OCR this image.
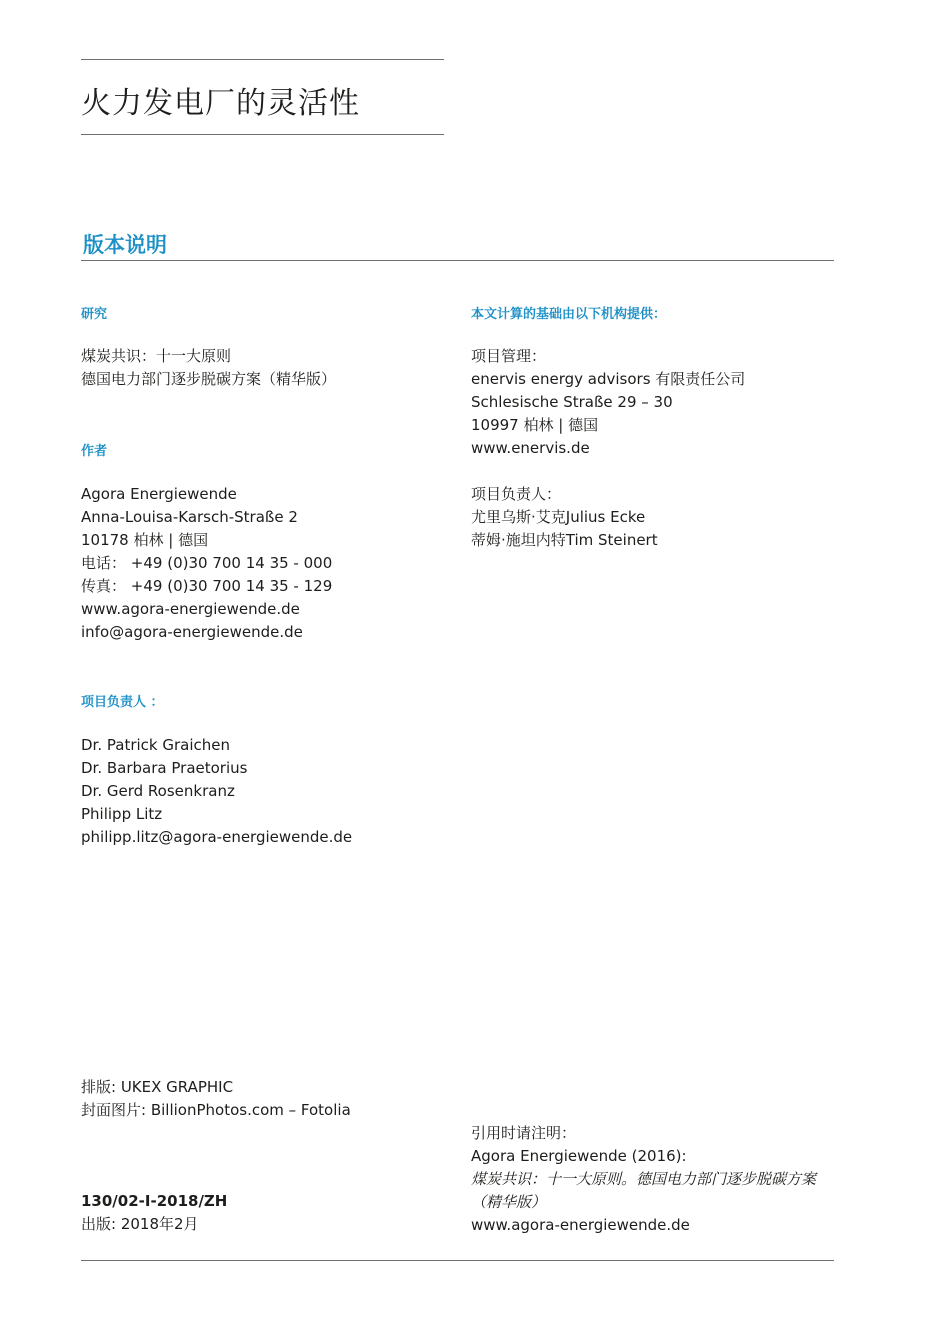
火力发电厂的灵活性
版本说明
研究
煤炭共识：十一大原则
德国电力部门逐步脱碳方案（精华版）
作者
Agora Energiewende
Anna-Louisa-Karsch-Straße 2
10178 柏林 | 德国
电话： +49 (0)30 700 14 35 - 000
传真： +49 (0)30 700 14 35 - 129
www.agora-energiewende.de
info@agora-energiewende.de
项目负责人 ：
Dr. Patrick Graichen
Dr. Barbara Praetorius
Dr. Gerd Rosenkranz
Philipp Litz
philipp.litz@agora-energiewende.de
本文计算的基础由以下机构提供：
项目管理：
enervis energy advisors 有限责任公司
Schlesische Straße 29 – 30
10997 柏林 | 德国
www.enervis.de
项目负责人：
尤里乌斯·艾克Julius Ecke
蒂姆·施坦内特Tim Steinert
排版: UKEX GRAPHIC
封面图片: BillionPhotos.com – Fotolia
130/02-I-2018/ZH
出版: 2018年2月
引用时请注明：
Agora Energiewende (2016):
煤炭共识：十一大原则。德国电力部门逐步脱碳方案
（精华版）
www.agora-energiewende.de
